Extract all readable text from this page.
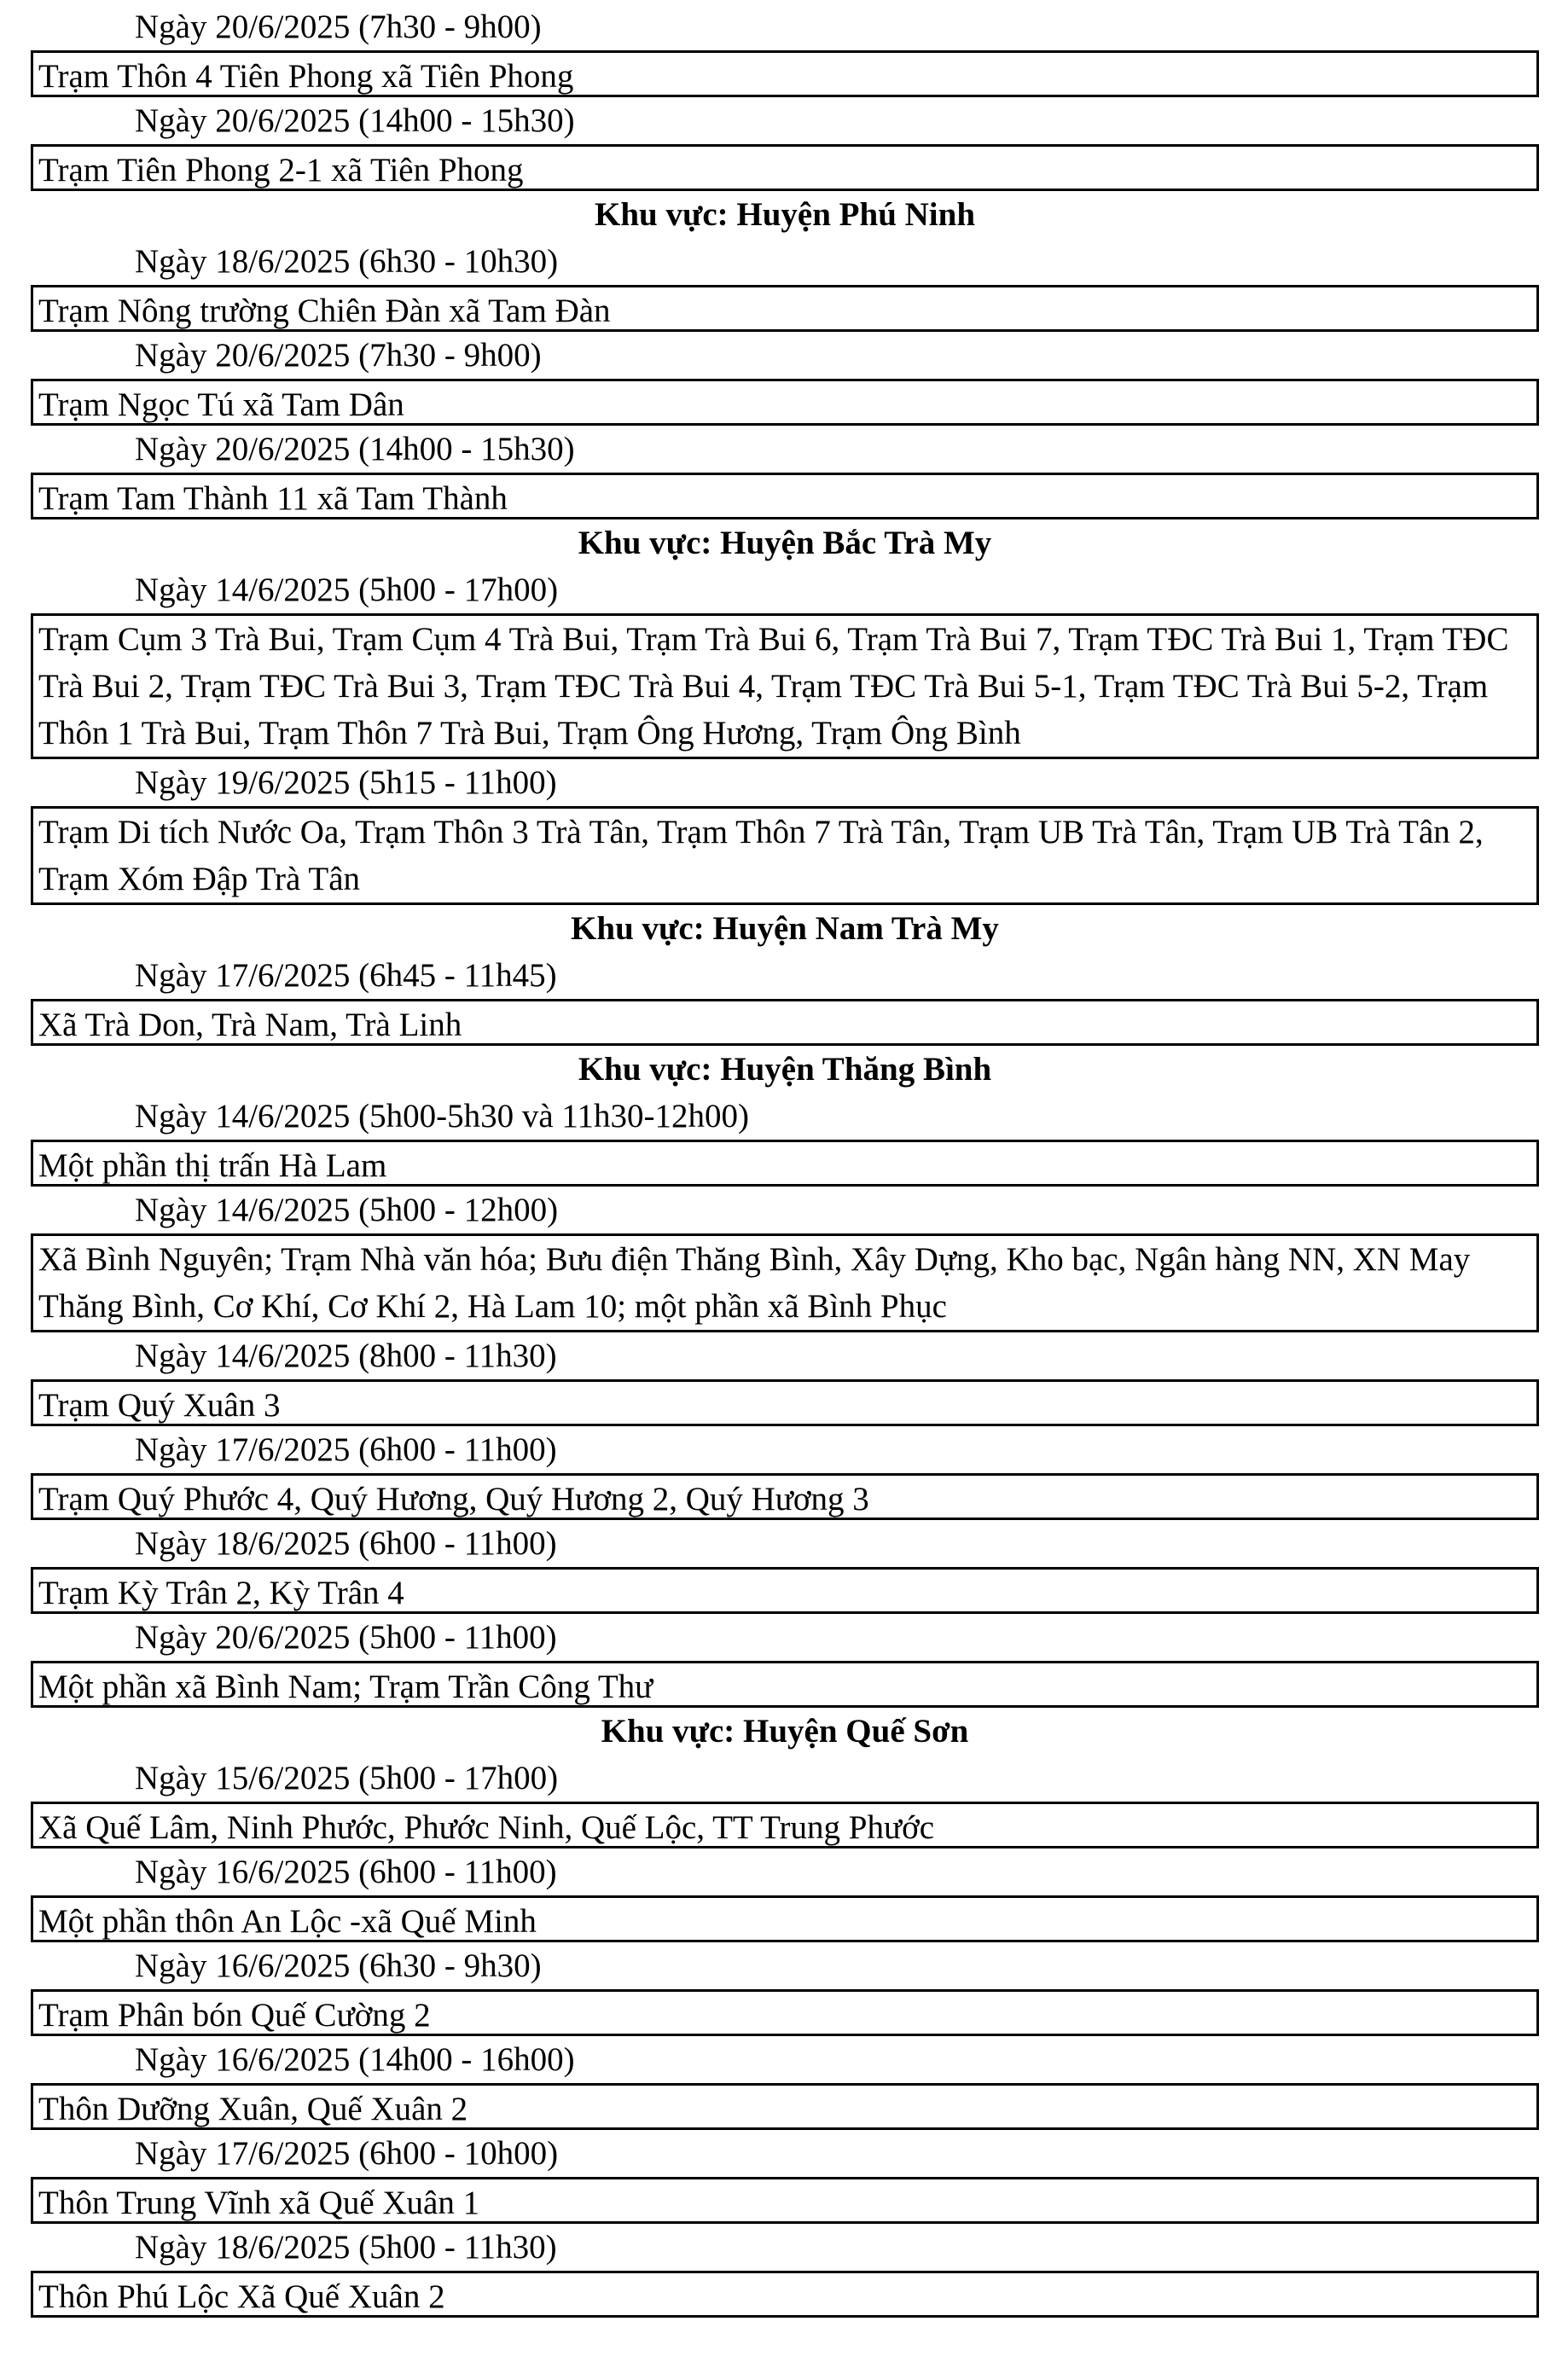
Ngày 20/6/2025 (7h30 - 9h00)
Trạm Thôn 4 Tiên Phong xã Tiên Phong
Ngày 20/6/2025 (14h00 - 15h30)
Trạm Tiên Phong 2-1 xã Tiên Phong
Khu vực: Huyện Phú Ninh
Ngày 18/6/2025 (6h30 - 10h30)
Trạm Nông trường Chiên Đàn xã Tam Đàn
Ngày 20/6/2025 (7h30 - 9h00)
Trạm Ngọc Tú xã Tam Dân
Ngày 20/6/2025 (14h00 - 15h30)
Trạm Tam Thành 11 xã Tam Thành
Khu vực: Huyện Bắc Trà My
Ngày 14/6/2025 (5h00 - 17h00)
Trạm Cụm 3 Trà Bui, Trạm Cụm 4 Trà Bui, Trạm Trà Bui 6, Trạm Trà Bui 7, Trạm TĐC Trà Bui 1, Trạm TĐC Trà Bui 2, Trạm TĐC Trà Bui 3, Trạm TĐC Trà Bui 4, Trạm TĐC Trà Bui 5-1, Trạm TĐC Trà Bui 5-2, Trạm Thôn 1 Trà Bui, Trạm Thôn 7 Trà Bui, Trạm Ông Hương, Trạm Ông Bình
Ngày 19/6/2025 (5h15 - 11h00)
Trạm Di tích Nước Oa, Trạm Thôn 3 Trà Tân, Trạm Thôn 7 Trà Tân, Trạm UB Trà Tân, Trạm UB Trà Tân 2, Trạm Xóm Đập Trà Tân
Khu vực: Huyện Nam Trà My
Ngày 17/6/2025 (6h45 - 11h45)
Xã Trà Don, Trà Nam, Trà Linh
Khu vực: Huyện Thăng Bình
Ngày 14/6/2025 (5h00-5h30 và 11h30-12h00)
Một phần thị trấn Hà Lam
Ngày 14/6/2025 (5h00 - 12h00)
Xã Bình Nguyên; Trạm Nhà văn hóa; Bưu điện Thăng Bình, Xây Dựng, Kho bạc, Ngân hàng NN, XN May Thăng Bình, Cơ Khí, Cơ Khí 2, Hà Lam 10; một phần xã Bình Phục
Ngày 14/6/2025 (8h00 - 11h30)
Trạm Quý Xuân 3
Ngày 17/6/2025 (6h00 - 11h00)
Trạm Quý Phước 4, Quý Hương, Quý Hương 2, Quý Hương 3
Ngày 18/6/2025 (6h00 - 11h00)
Trạm Kỳ Trân 2, Kỳ Trân 4
Ngày 20/6/2025 (5h00 - 11h00)
Một phần xã Bình Nam; Trạm Trần Công Thư
Khu vực: Huyện Quế Sơn
Ngày 15/6/2025 (5h00 - 17h00)
Xã Quế Lâm, Ninh Phước, Phước Ninh, Quế Lộc, TT Trung Phước
Ngày 16/6/2025 (6h00 - 11h00)
Một phần thôn An Lộc -xã Quế Minh
Ngày 16/6/2025 (6h30 - 9h30)
Trạm Phân bón Quế Cường 2
Ngày 16/6/2025 (14h00 - 16h00)
Thôn Dưỡng Xuân, Quế Xuân 2
Ngày 17/6/2025 (6h00 - 10h00)
Thôn Trung Vĩnh xã Quế Xuân 1
Ngày 18/6/2025 (5h00 - 11h30)
Thôn Phú Lộc Xã Quế Xuân 2
